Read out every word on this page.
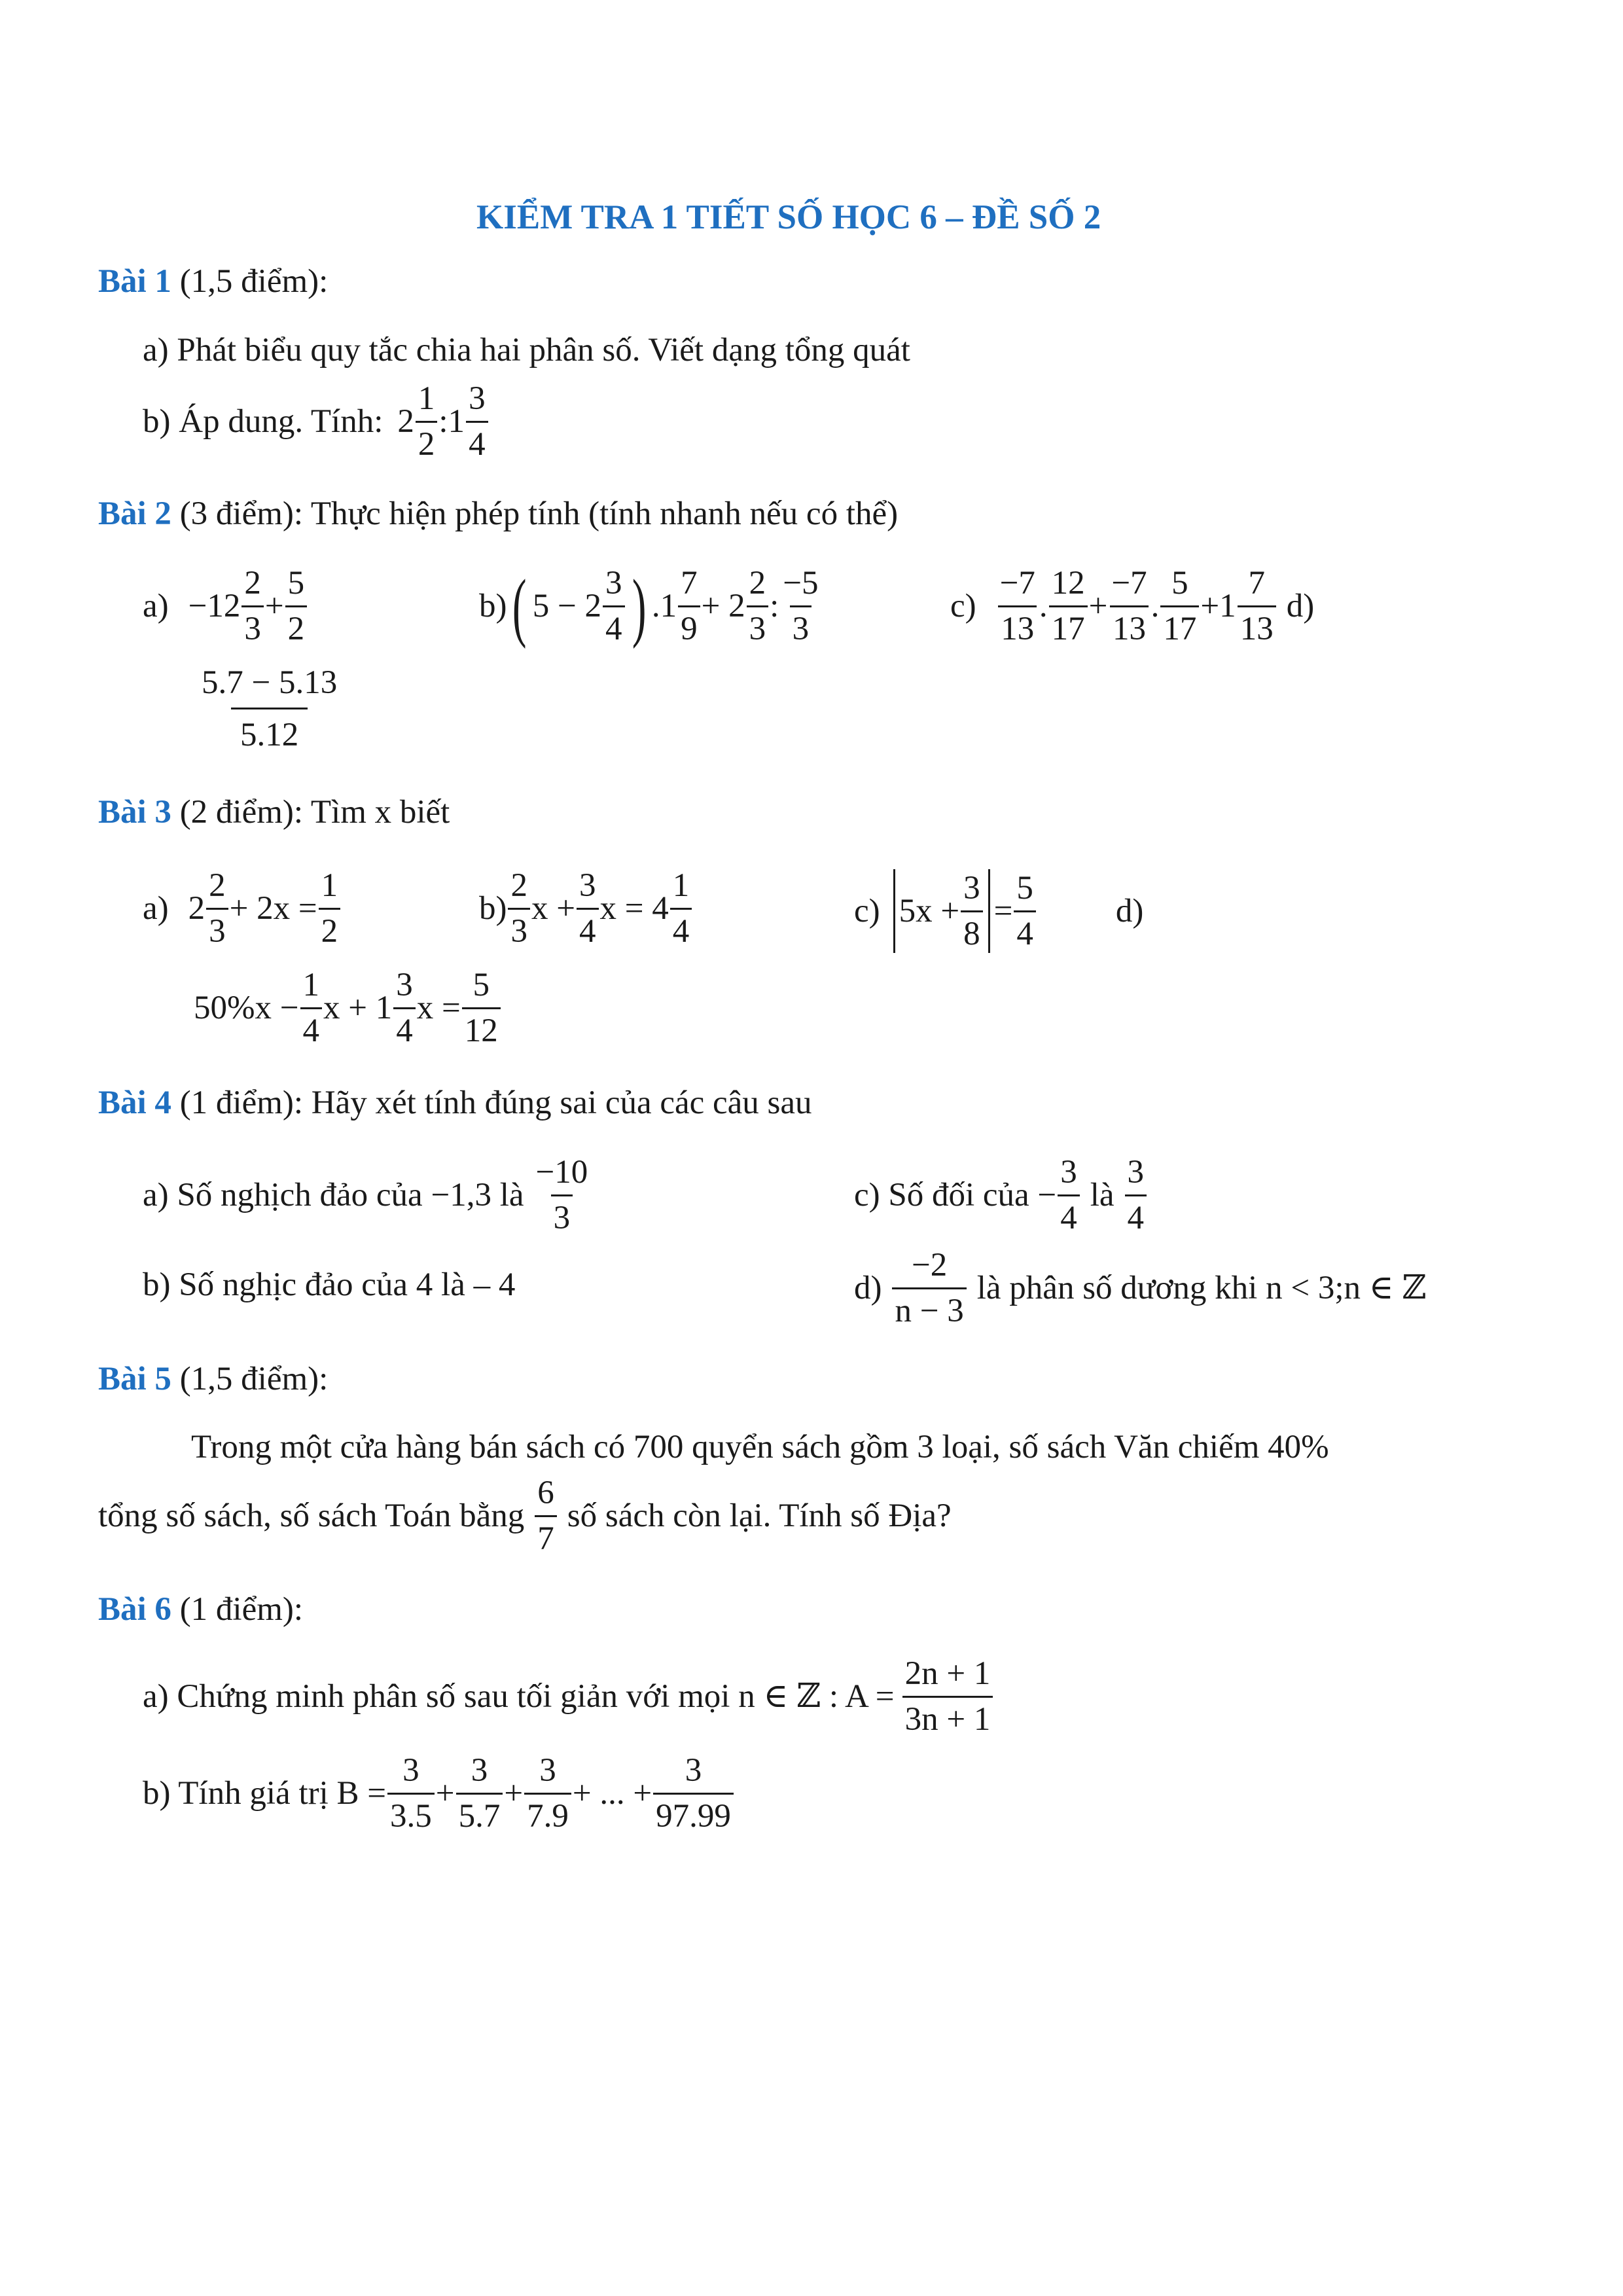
KIỂM TRA 1 TIẾT SỐ HỌC 6 – ĐỀ SỐ 2
Bài 1 (1,5 điểm):
a) Phát biểu quy tắc chia hai phân số. Viết dạng tổng quát
b) Áp dung. Tính: $2 \frac{1}{2}$ :1 $\frac{3}{4}$
Bài 2 (3 điểm): Thực hiện phép tính (tính nhanh nếu có thể)
$a) -12 \frac{2}{3} + \frac{5}{2}$	b) ( $5 - 2 \frac{3}{4}$ ) $.1 \frac{7}{9} + 2 \frac{2}{3}$ : $\frac{-5}{3}$	$c) \frac{-7}{13}$ . $\frac{12}{17} + \frac{-7}{13}$ . $\frac{5}{17} +1 \frac{7}{13} d$)
$\frac{5.7 - 5.13}{5.12}$
Bài 3 (2 điểm): Tìm x biết
a) $2 \frac{2}{3} + 2x = \frac{1}{2}$	$b) \frac{2}{3}$ $x + \frac{3}{4}$ $x = 4 \frac{1}{4}$	c) $5x + \frac{3}{8} = \frac{5}{4} d$)
$50\%x - \frac{1}{4}$ $x + 1 \frac{3}{4}$ $x = \frac{5}{12}$
Bài 4 (1 điểm): Hãy xét tính đúng sai của các câu sau
a) Số nghịch đảo của −1,3 là $\frac{-10}{3}$	c) Số đối của − $\frac{3}{4}$ là $\frac{3}{4}$
b) Số nghịc đảo của 4 là – 4	$d) \frac{-2}{n - 3}$ là phân số dương khi n < 3;n ∈ ℤ
Bài 5 (1,5 điểm):
Trong một cửa hàng bán sách có 700 quyển sách gồm 3 loại, số sách Văn chiếm 40%
tổng số sách, số sách Toán bằng $\frac{6}{7}$ số sách còn lại. Tính số Địa?
Bài 6 (1 điểm):
a) Chứng minh phân số sau tối giản với mọi n ∈ ℤ : $A = \frac{2n + 1}{3n + 1}$
b) Tính giá trị $B = \frac{3}{3.5} + \frac{3}{5.7} + \frac{3}{7.9}$ + ... + $\frac{3}{97.99}$
